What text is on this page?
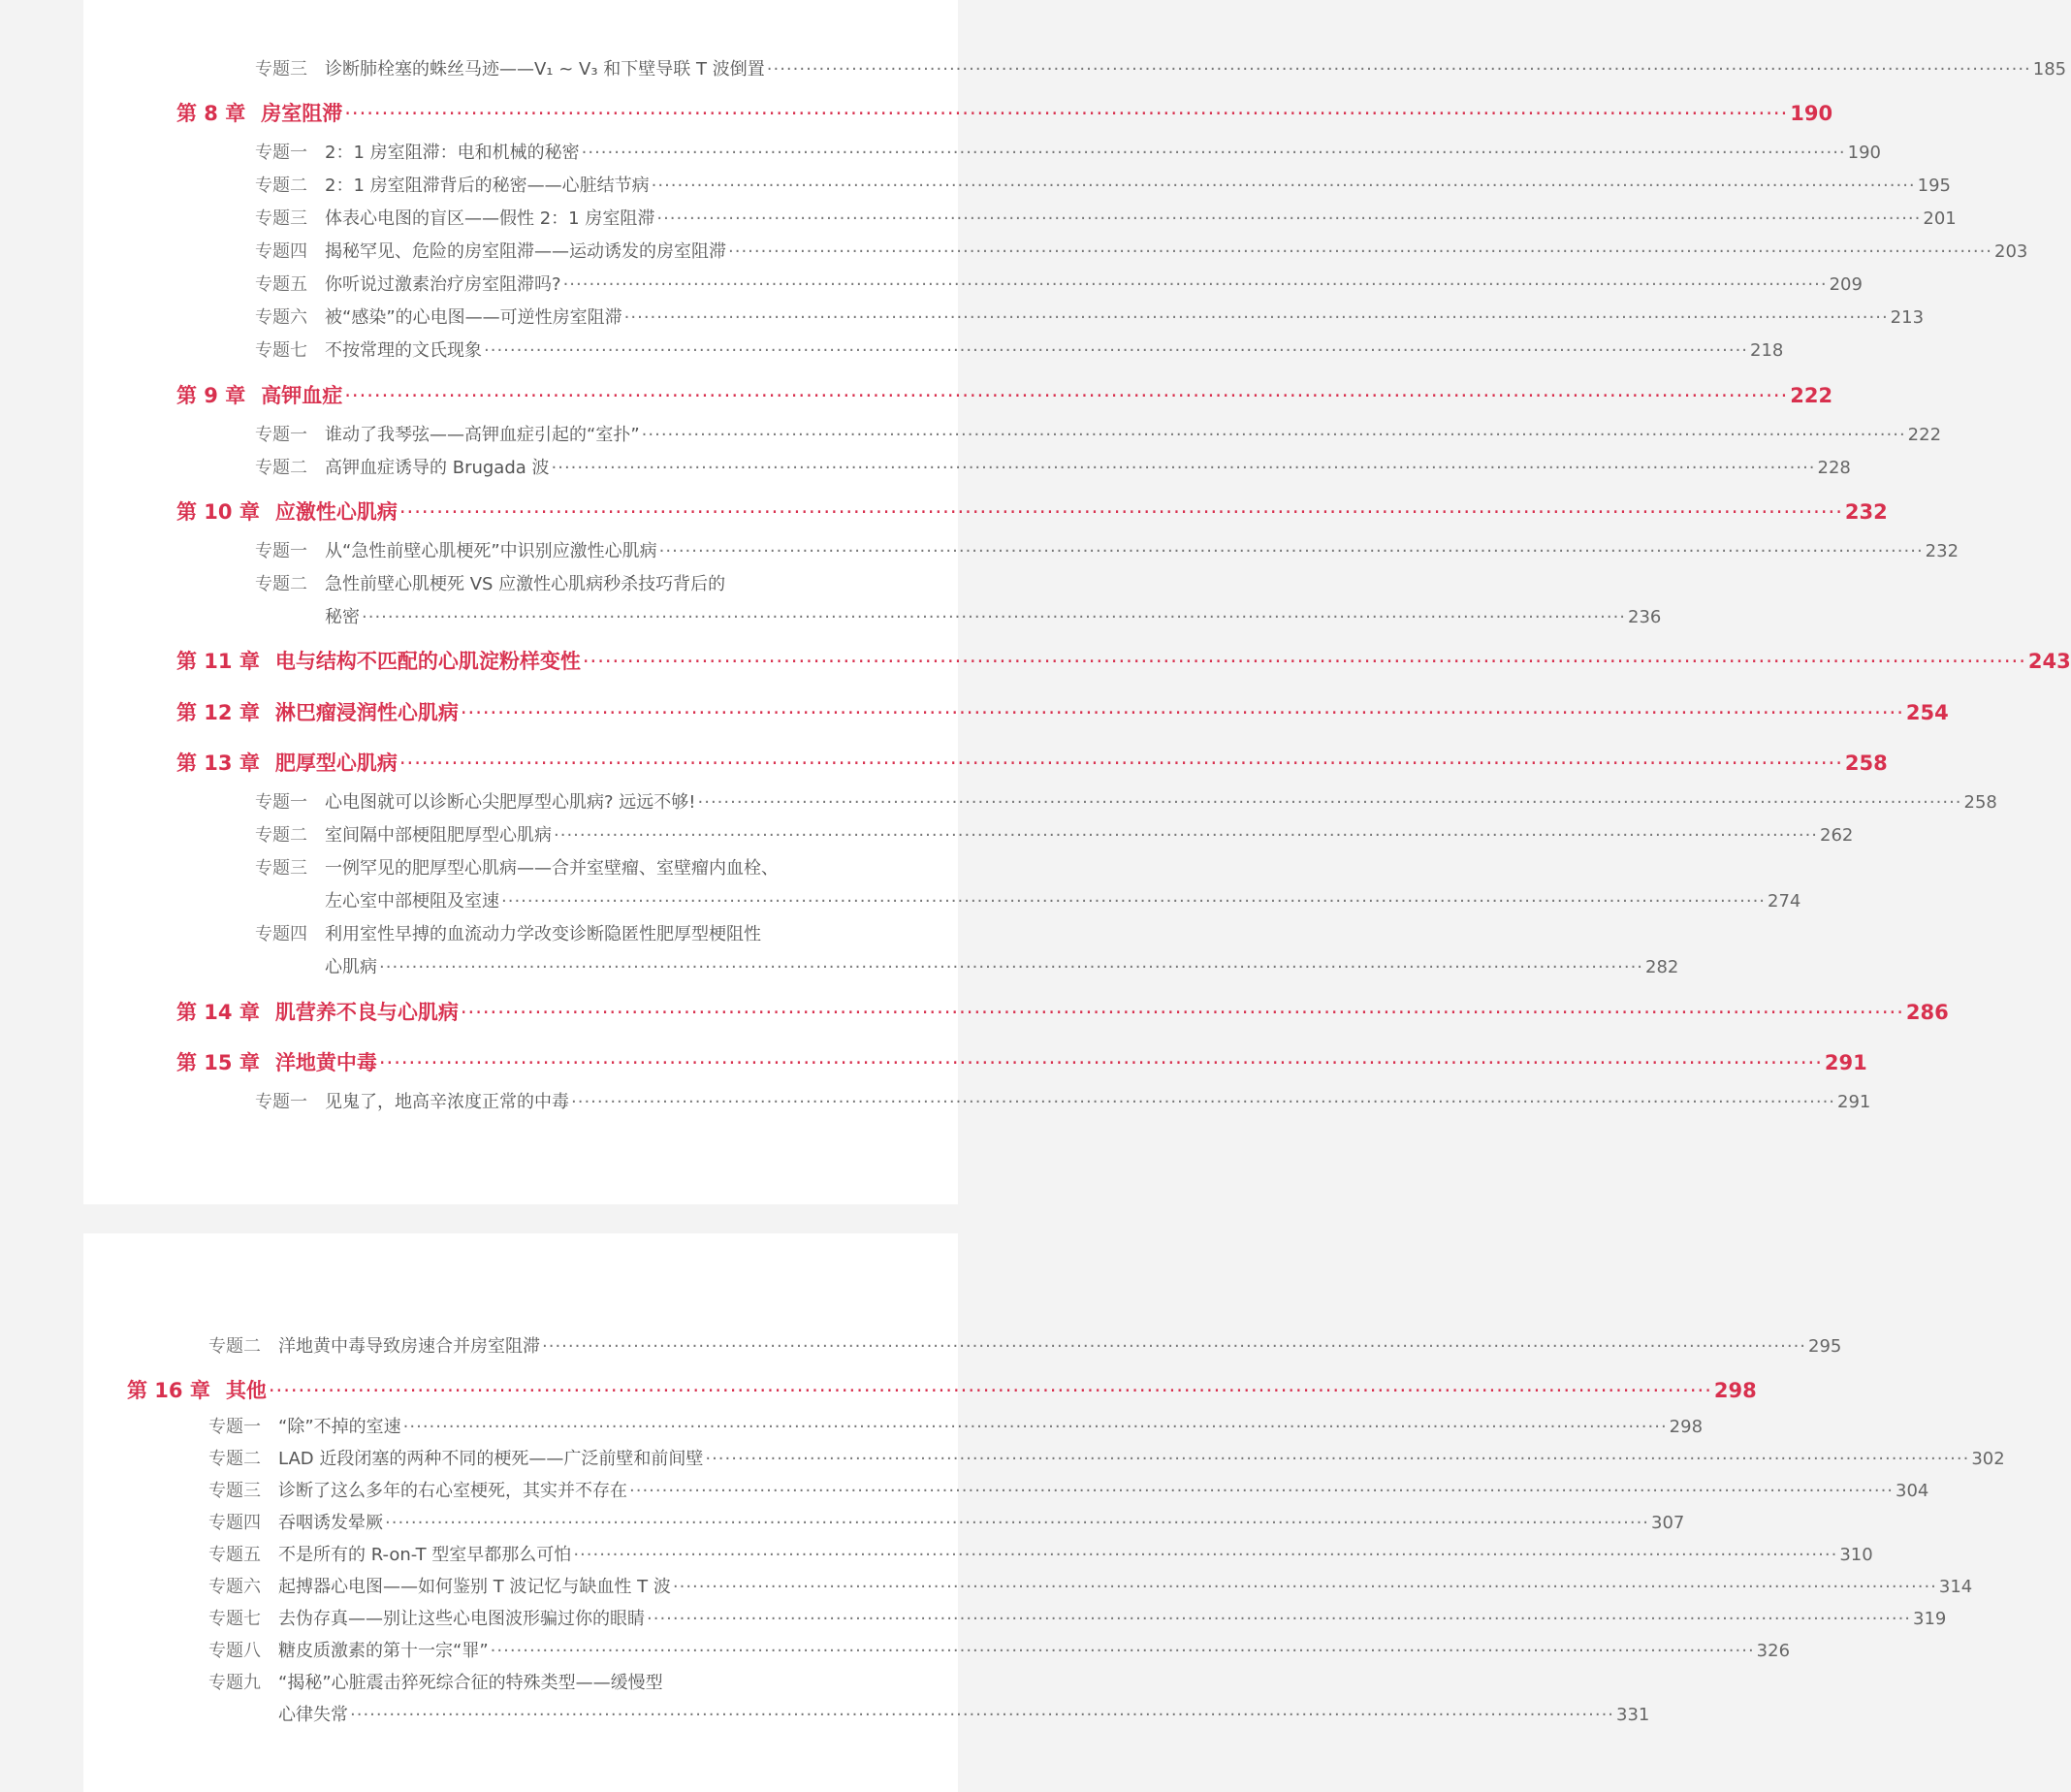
专题三	诊断肺栓塞的蛛丝马迹——V₁ ~ V₃ 和下壁导联 T 波倒置 ·····	185
第 8 章 房室阻滞 ·····	190
专题一	2：1 房室阻滞：电和机械的秘密 ·····	190
专题二	2：1 房室阻滞背后的秘密——心脏结节病 ·····	195
专题三	体表心电图的盲区——假性 2：1 房室阻滞 ·····	201
专题四	揭秘罕见、危险的房室阻滞——运动诱发的房室阻滞 ·····	203
专题五	你听说过激素治疗房室阻滞吗? ·····	209
专题六	被“感染”的心电图——可逆性房室阻滞 ·····	213
专题七	不按常理的文氏现象 ·····	218
第 9 章 高钾血症 ·····	222
专题一	谁动了我琴弦——高钾血症引起的“室扑” ·····	222
专题二	高钾血症诱导的 Brugada 波 ·····	228
第 10 章 应激性心肌病 ·····	232
专题一	从“急性前壁心肌梗死”中识别应激性心肌病 ·····	232
专题二	急性前壁心肌梗死 VS 应激性心肌病秒杀技巧背后的
秘密 ·····	236
第 11 章 电与结构不匹配的心肌淀粉样变性 ·····	243
第 12 章 淋巴瘤浸润性心肌病 ·····	254
第 13 章 肥厚型心肌病 ·····	258
专题一	心电图就可以诊断心尖肥厚型心肌病? 远远不够! ·····	258
专题二	室间隔中部梗阻肥厚型心肌病 ·····	262
专题三	一例罕见的肥厚型心肌病——合并室壁瘤、室壁瘤内血栓、
左心室中部梗阻及室速 ·····	274
专题四	利用室性早搏的血流动力学改变诊断隐匿性肥厚型梗阻性
心肌病 ·····	282
第 14 章 肌营养不良与心肌病 ·····	286
第 15 章 洋地黄中毒 ·····	291
专题一	见鬼了，地高辛浓度正常的中毒 ·····	291
专题二	洋地黄中毒导致房速合并房室阻滞 ·····	295
第 16 章 其他 ·····	298
专题一	“除”不掉的室速 ·····	298
专题二	LAD 近段闭塞的两种不同的梗死——广泛前壁和前间壁 ·····	302
专题三	诊断了这么多年的右心室梗死，其实并不存在 ·····	304
专题四	吞咽诱发晕厥 ·····	307
专题五	不是所有的 R-on-T 型室早都那么可怕 ·····	310
专题六	起搏器心电图——如何鉴别 T 波记忆与缺血性 T 波 ·····	314
专题七	去伪存真——别让这些心电图波形骗过你的眼睛 ·····	319
专题八	糖皮质激素的第十一宗“罪” ·····	326
专题九	“揭秘”心脏震击猝死综合征的特殊类型——缓慢型
心律失常 ·····	331
